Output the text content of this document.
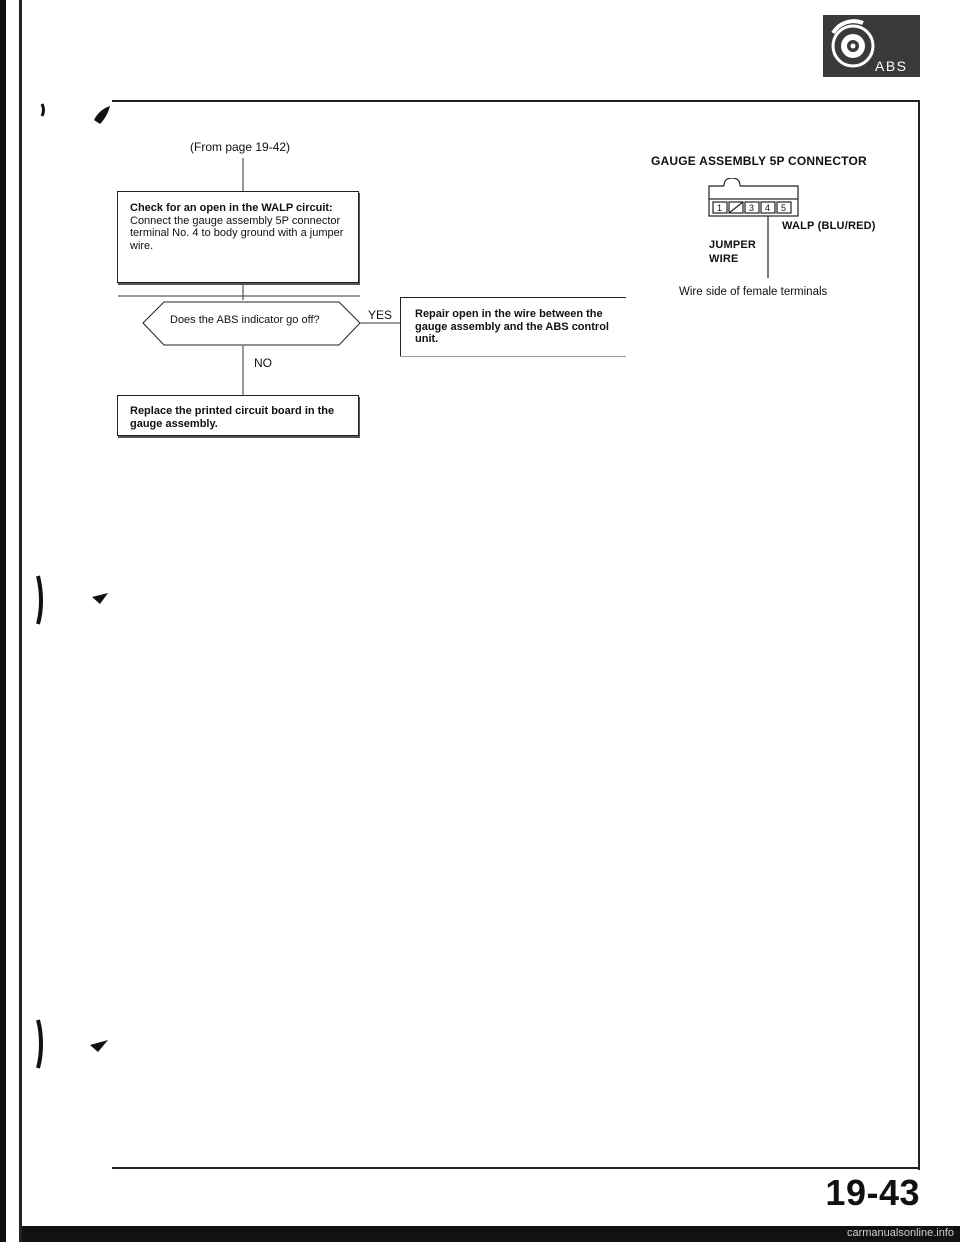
ABS
(From page 19-42)
Check for an open in the WALP circuit:
Connect the gauge assembly 5P connector terminal No. 4 to body ground with a jumper wire.
Does the ABS indicator go off?	YES
NO
Repair open in the wire between the gauge assembly and the ABS control unit.
Replace the printed circuit board in the gauge assembly.
GAUGE ASSEMBLY 5P CONNECTOR
1	3 4 5
WALP (BLU/RED)
JUMPER
WIRE
Wire side of female terminals
19-43
carmanualsonline.info
